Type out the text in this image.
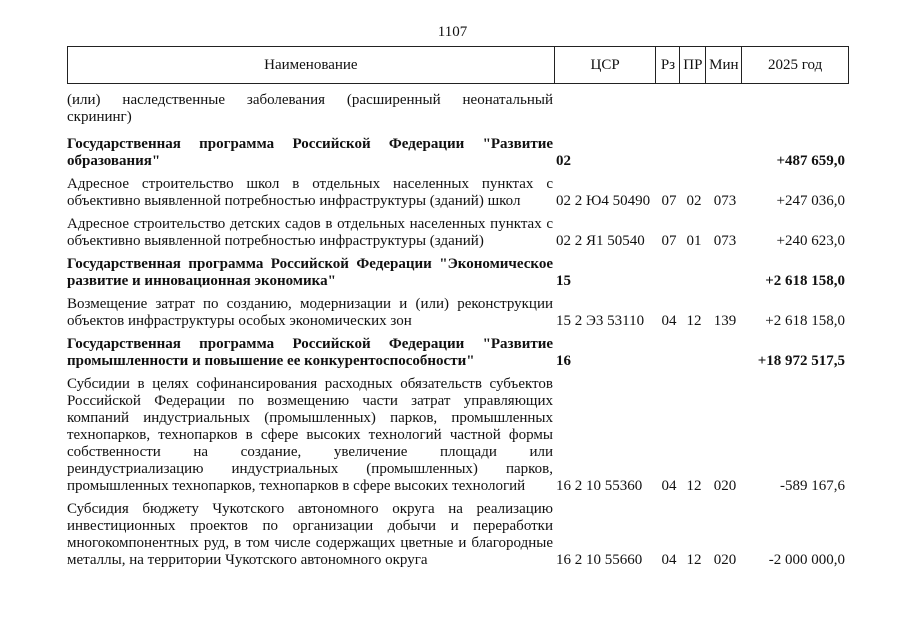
1107
Наименование	ЦСР	Рз ПР Мин	2025 год
(или) наследственные заболевания (расширенный неонатальный
скрининг)
Государственная программа Российской Федерации "Развитие
образования"	02	+487 659,0
Адресное строительство школ в отдельных населенных пунктах с
объективно выявленной потребностью инфраструктуры (зданий) школ	02 2 Ю4 50490 07 02 073	+247 036,0
Адресное строительство детских садов в отдельных населенных пунктах с
объективно выявленной потребностью инфраструктуры (зданий)	02 2 Я1 50540	07 01 073	+240 623,0
Государственная программа Российской Федерации "Экономическое
развитие и инновационная экономика"	15	+2 618 158,0
Возмещение затрат по созданию, модернизации и (или) реконструкции
объектов инфраструктуры особых экономических зон	15 2 Э3 53110	04 12 139	+2 618 158,0
Государственная программа Российской Федерации "Развитие
промышленности и повышение ее конкурентоспособности"	16	+18 972 517,5
Субсидии в целях софинансирования расходных обязательств субъектов
Российской Федерации по возмещению части затрат управляющих
компаний индустриальных (промышленных) парков, промышленных
технопарков, технопарков в сфере высоких технологий частной формы
собственности на создание, увеличение площади или
реиндустриализацию индустриальных (промышленных) парков,
промышленных технопарков, технопарков в сфере высоких технологий	16 2 10 55360	04 12 020	-589 167,6
Субсидия бюджету Чукотского автономного округа на реализацию
инвестиционных проектов по организации добычи и переработки
многокомпонентных руд, в том числе содержащих цветные и благородные
металлы, на территории Чукотского автономного округа	16 2 10 55660	04 12 020	-2 000 000,0
